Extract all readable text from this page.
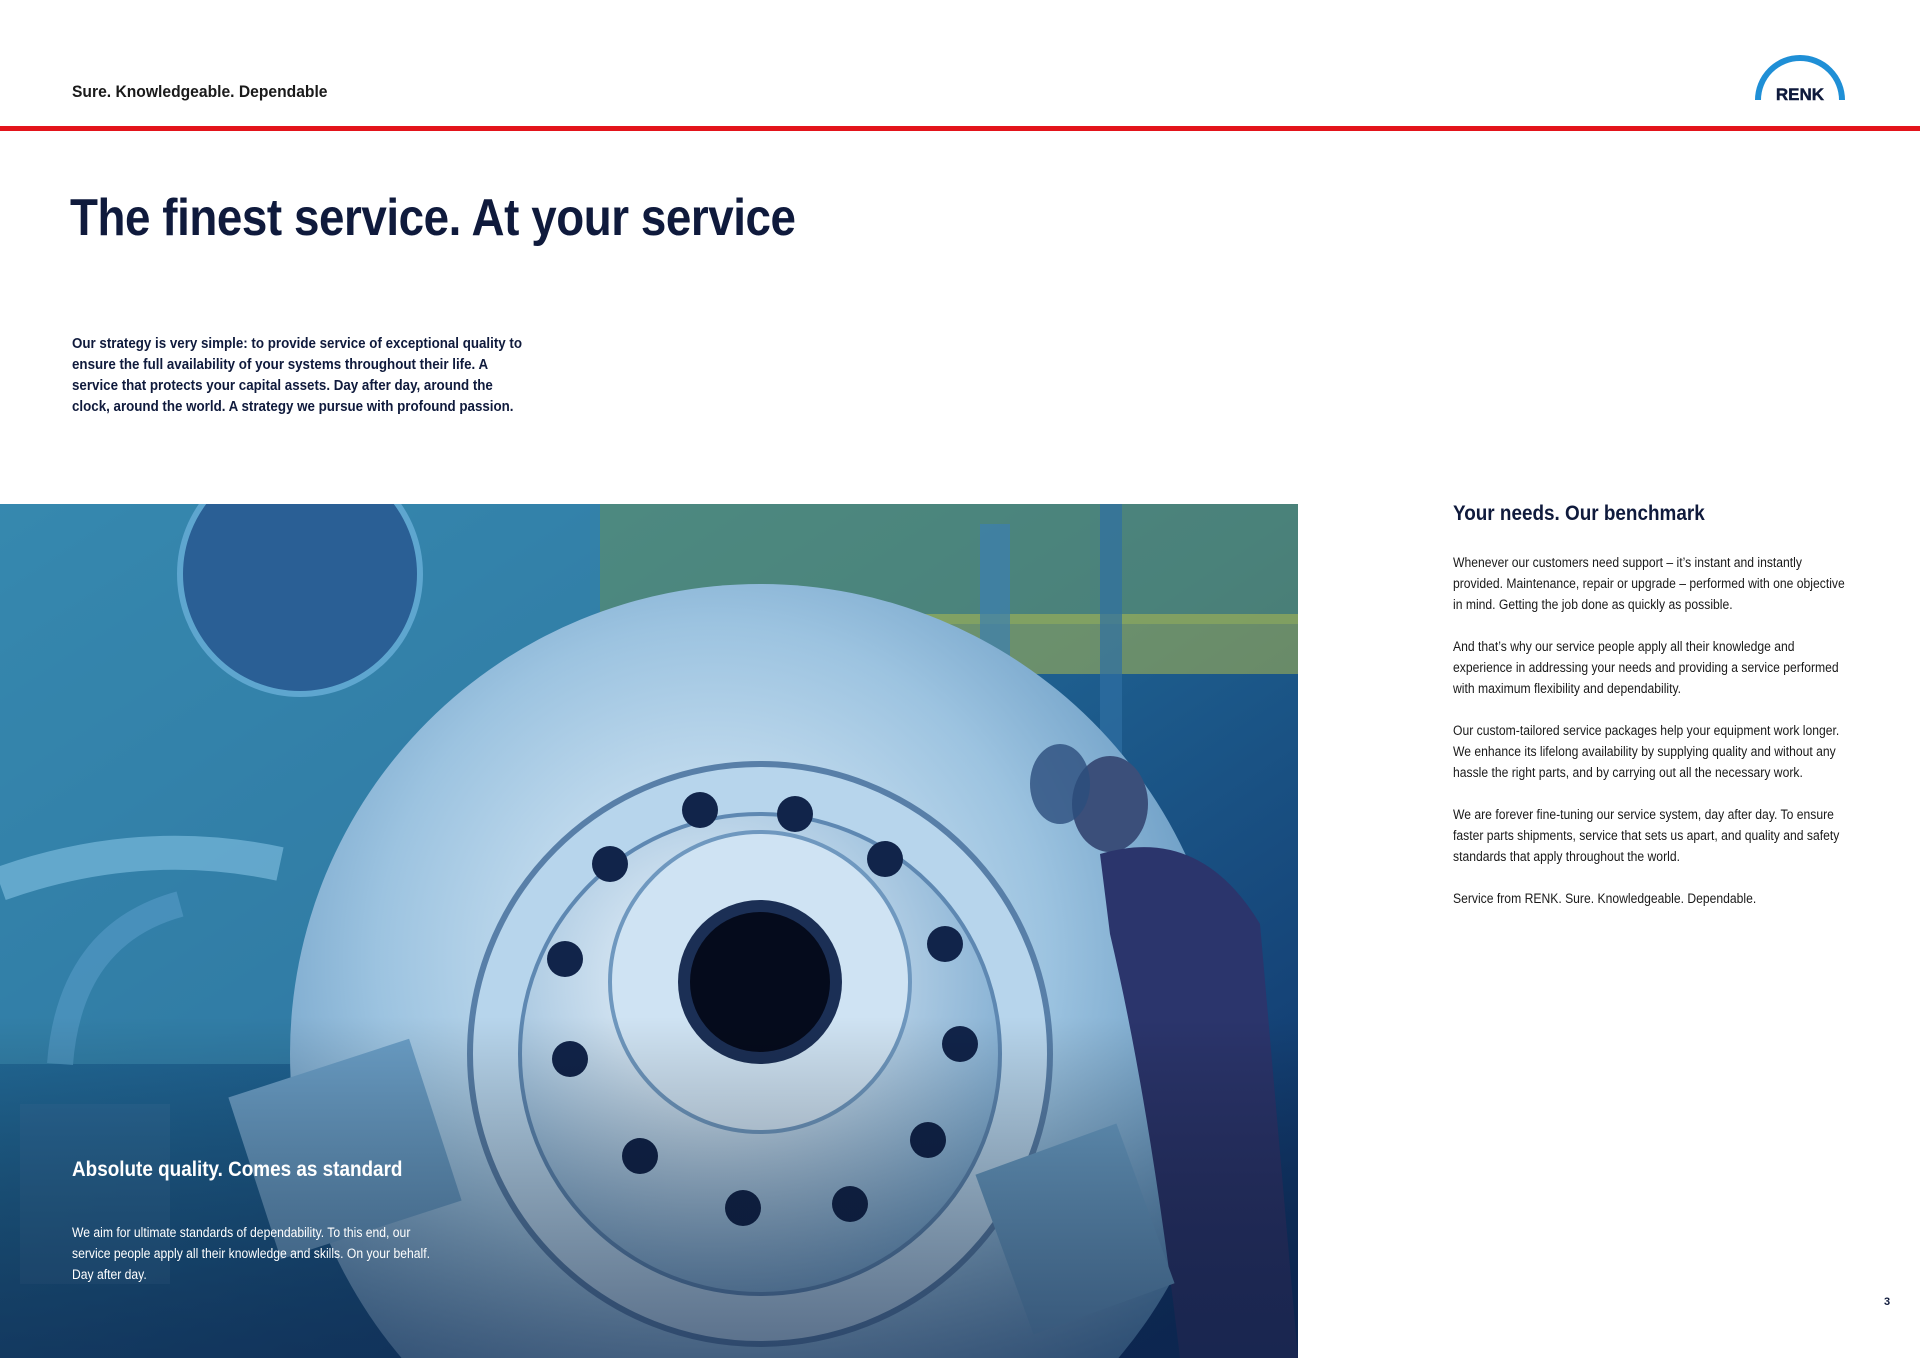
Sure. Knowledgeable. Dependable	RENK
The finest service. At your service

Our strategy is very simple: to provide service of exceptional quality to ensure the full availability of your systems throughout their life. A service that protects your capital assets. Day after day, around the clock, around the world. A strategy we pursue with profound passion.

Absolute quality. Comes as standard

We aim for ultimate standards of dependability. To this end, our service people apply all their knowledge and skills. On your behalf. Day after day.

Your needs. Our benchmark

Whenever our customers need support – it’s instant and instantly provided. Maintenance, repair or upgrade – performed with one objective in mind. Getting the job done as quickly as possible.

And that’s why our service people apply all their knowledge and experience in addressing your needs and providing a service performed with maximum flexibility and dependability.

Our custom-tailored service packages help your equipment work longer. We enhance its lifelong availability by supplying quality and without any hassle the right parts, and by carrying out all the necessary work.

We are forever fine-tuning our service system, day after day. To ensure faster parts shipments, service that sets us apart, and quality and safety standards that apply throughout the world.

Service from RENK. Sure. Knowledgeable. Dependable.

3
